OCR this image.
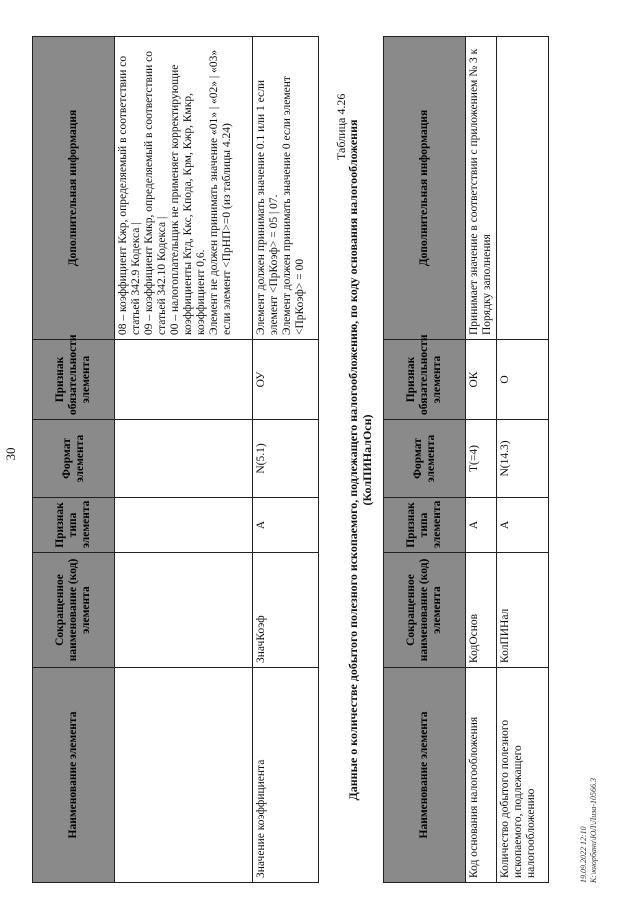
30
Наименование элемента	Сокращенное наименование (код) элемента	Признак типа элемента	Формат элемента	Признак обязательности элемента	Дополнительная информация

					08 – коэффициент Кжр, определяемый в соответствии со статьей 342.9 Кодекса | 09 – коэффициент Кмкр, определяемый в соответствии со статьей 342.10 Кодекса | 00 – налогоплательщик не применяет корректирующие коэффициенты Ктд, Ккс, Кпода, Крм, Кжр, Кмкр, коэффициент 0,6. Элемент не должен принимать значение «01» | «02» | «03» если элемент <ПрНП>=0 (из таблицы 4.24)

Значение коэффициента	ЗначКоэф	А	N(5.1)	ОУ	Элемент должен принимать значение 0.1 или 1 если элемент <ПрКоэф> = 05 | 07. Элемент должен принимать значение 0 если элемент <ПрКоэф> = 00
Таблица 4.26
Данные о количестве добытого полезного ископаемого, подлежащего налогообложению, по коду основания налогообложения (КолПИНалОсн)
Наименование элемента	Сокращенное наименование (код) элемента	Признак типа элемента	Формат элемента	Признак обязательности элемента	Дополнительная информация
Код основания налогообложения	КодОснов	А	Т(=4)	ОК	Принимает значение в соответствии с приложением № 3 к Порядку заполнения
Количество добытого полезного ископаемого, подлежащего налогообложению	КолПИНал	А	N(14.3)	О	
19.09.2022 12:10 К:\кнорбани\ЮЛ\Лиза-10566.3
